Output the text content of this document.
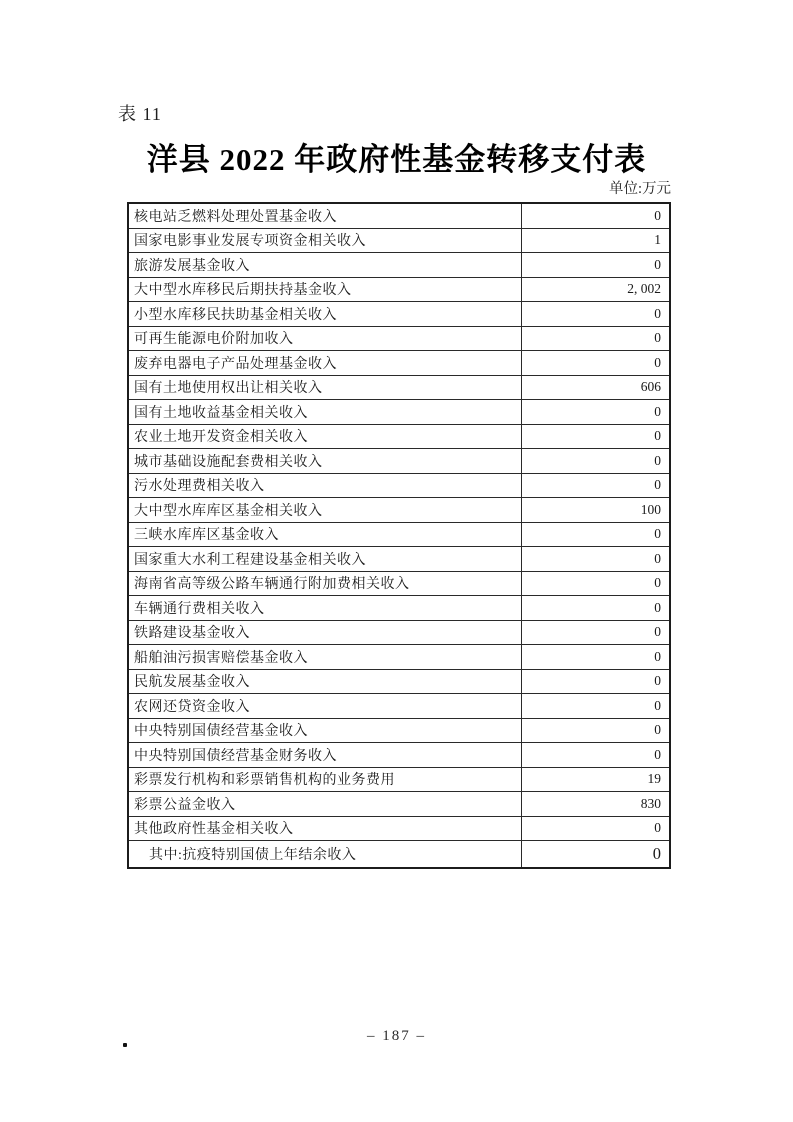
表 11
洋县 2022 年政府性基金转移支付表
单位:万元
核电站乏燃料处理处置基金收入	0
国家电影事业发展专项资金相关收入	1
旅游发展基金收入	0
大中型水库移民后期扶持基金收入	2, 002
小型水库移民扶助基金相关收入	0
可再生能源电价附加收入	0
废弃电器电子产品处理基金收入	0
国有土地使用权出让相关收入	606
国有土地收益基金相关收入	0
农业土地开发资金相关收入	0
城市基础设施配套费相关收入	0
污水处理费相关收入	0
大中型水库库区基金相关收入	100
三峡水库库区基金收入	0
国家重大水利工程建设基金相关收入	0
海南省高等级公路车辆通行附加费相关收入	0
车辆通行费相关收入	0
铁路建设基金收入	0
船舶油污损害赔偿基金收入	0
民航发展基金收入	0
农网还贷资金收入	0
中央特别国债经营基金收入	0
中央特别国债经营基金财务收入	0
彩票发行机构和彩票销售机构的业务费用	19
彩票公益金收入	830
其他政府性基金相关收入	0
其中:抗疫特别国债上年结余收入	0
– 187 –
